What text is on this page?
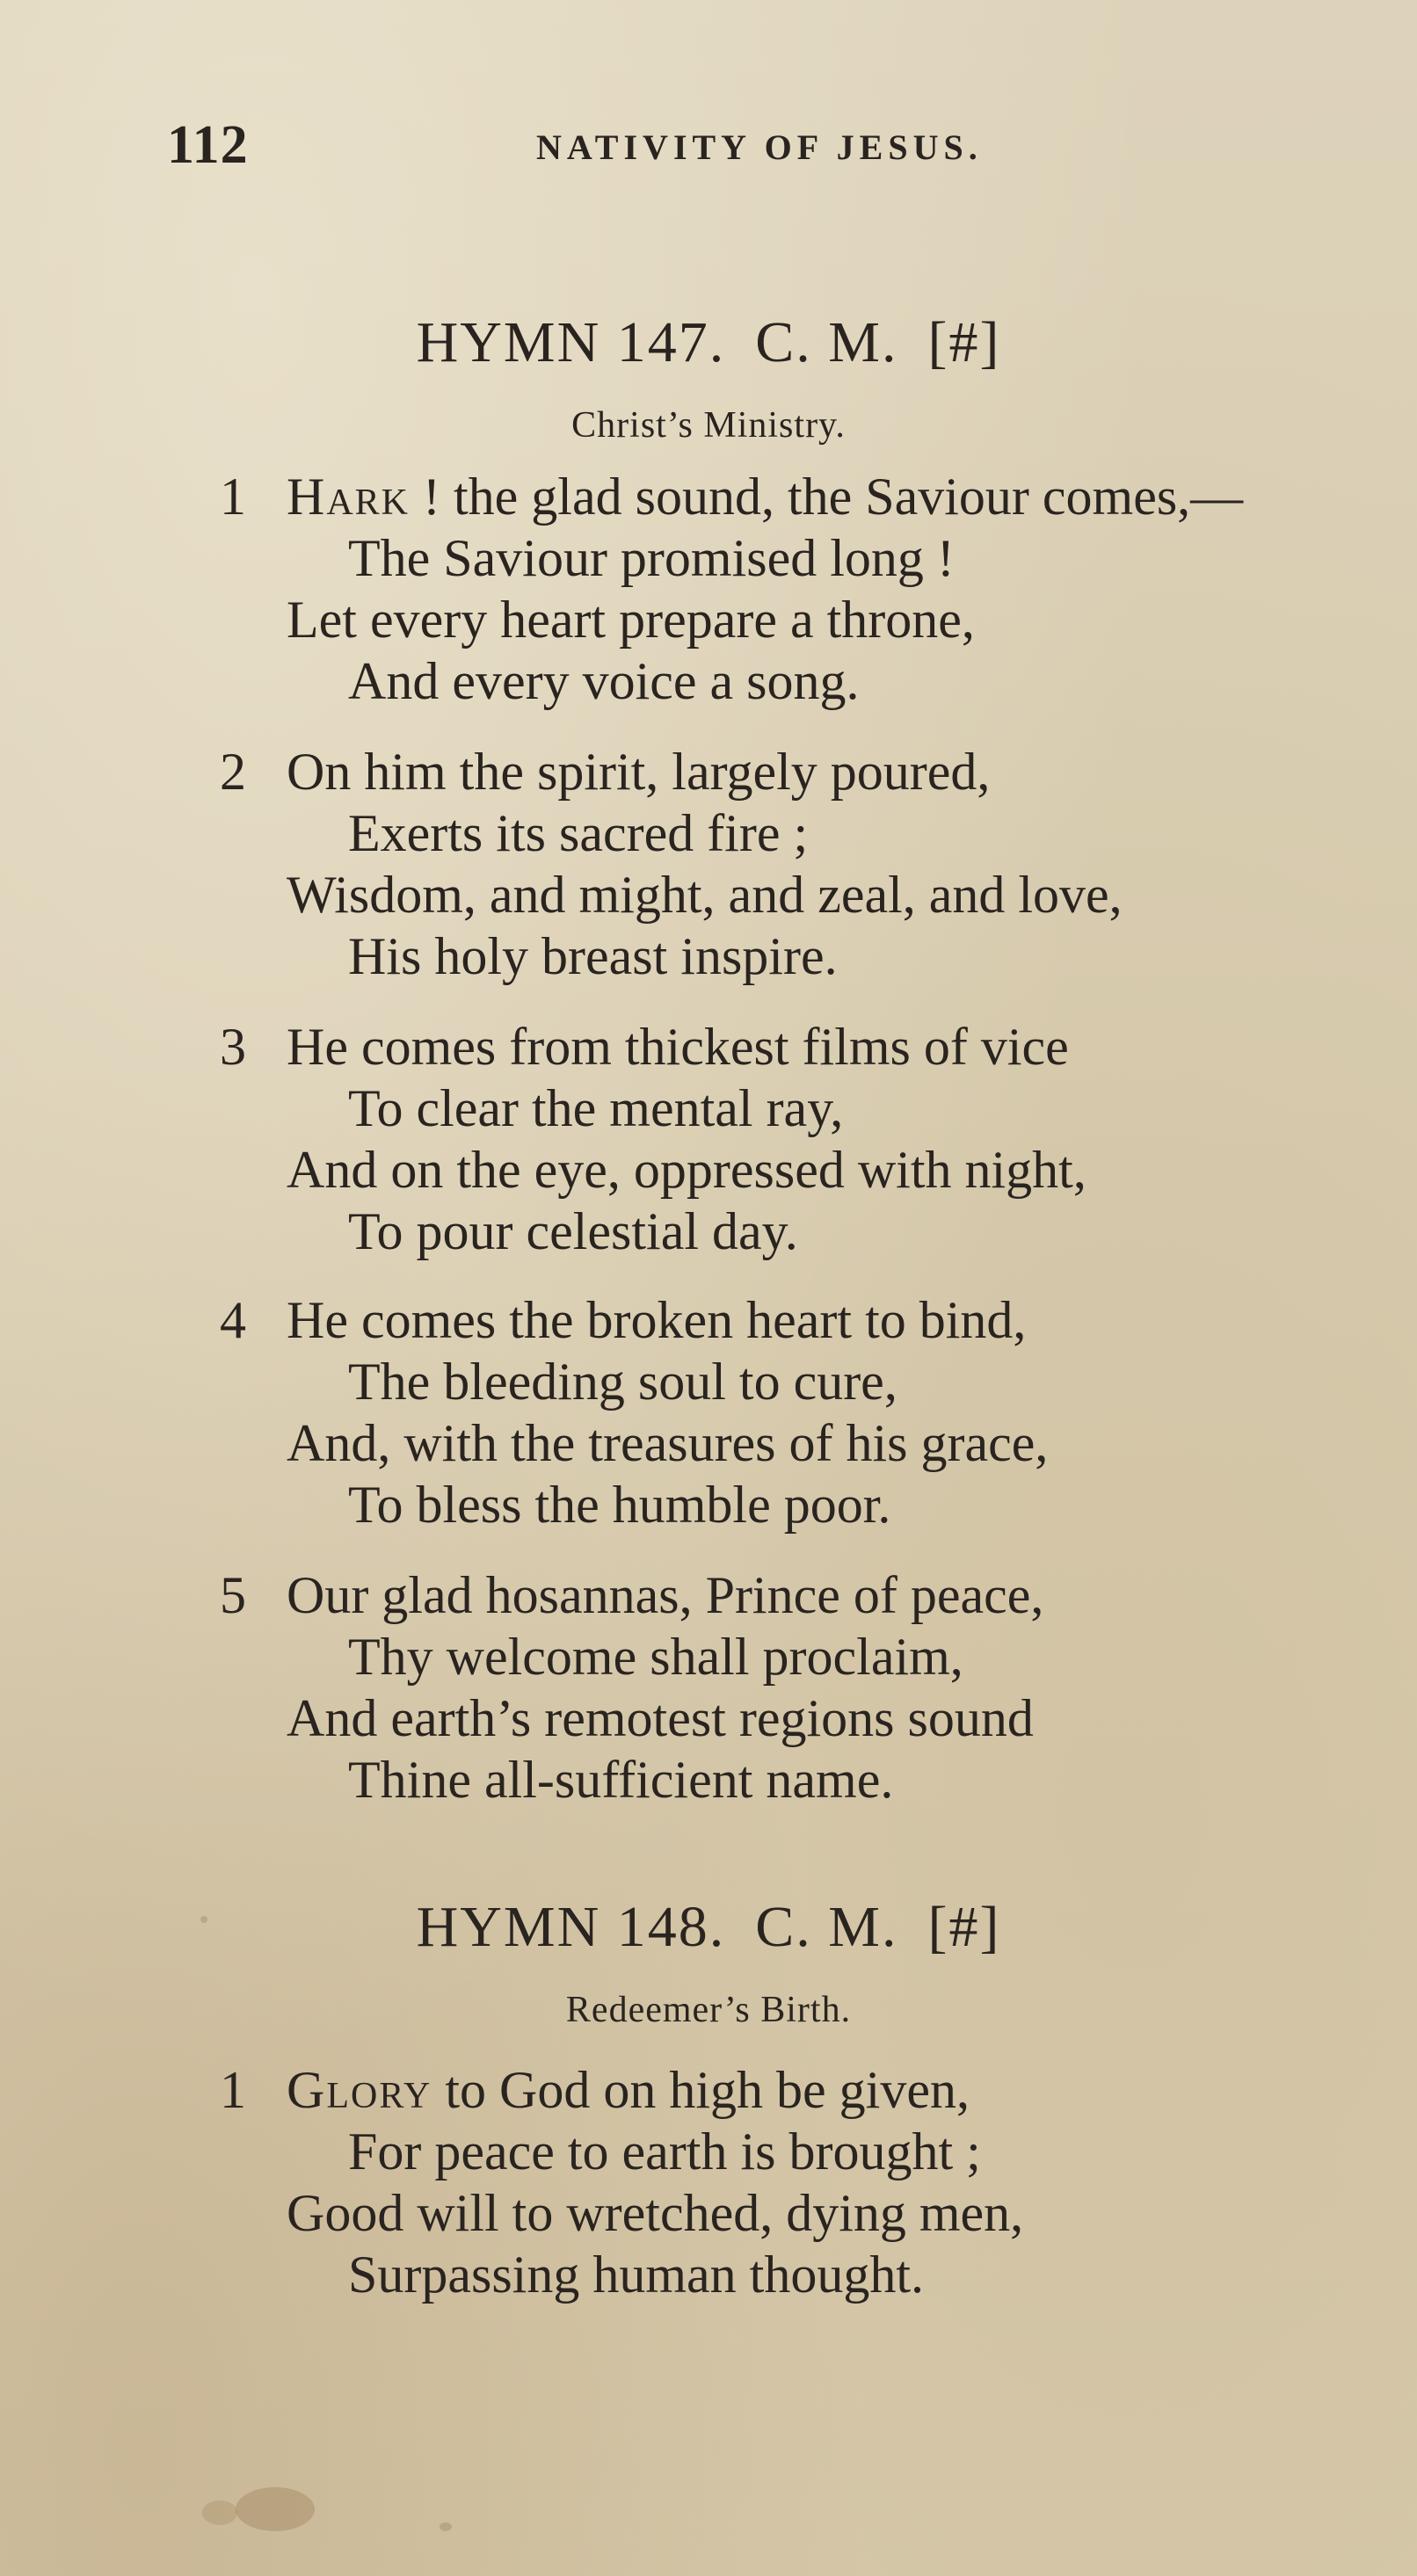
112	NATIVITY OF JESUS.
HYMN 147. C. M. [#]
Christ’s Ministry.
1 Hark ! the glad sound, the Saviour comes,—
The Saviour promised long !
Let every heart prepare a throne,
And every voice a song.
2 On him the spirit, largely poured,
Exerts its sacred fire ;
Wisdom, and might, and zeal, and love,
His holy breast inspire.
3 He comes from thickest films of vice
To clear the mental ray,
And on the eye, oppressed with night,
To pour celestial day.
4 He comes the broken heart to bind,
The bleeding soul to cure,
And, with the treasures of his grace,
To bless the humble poor.
5 Our glad hosannas, Prince of peace,
Thy welcome shall proclaim,
And earth’s remotest regions sound
Thine all-sufficient name.
HYMN 148. C. M. [#]
Redeemer’s Birth.
1 Glory to God on high be given,
For peace to earth is brought ;
Good will to wretched, dying men,
Surpassing human thought.
